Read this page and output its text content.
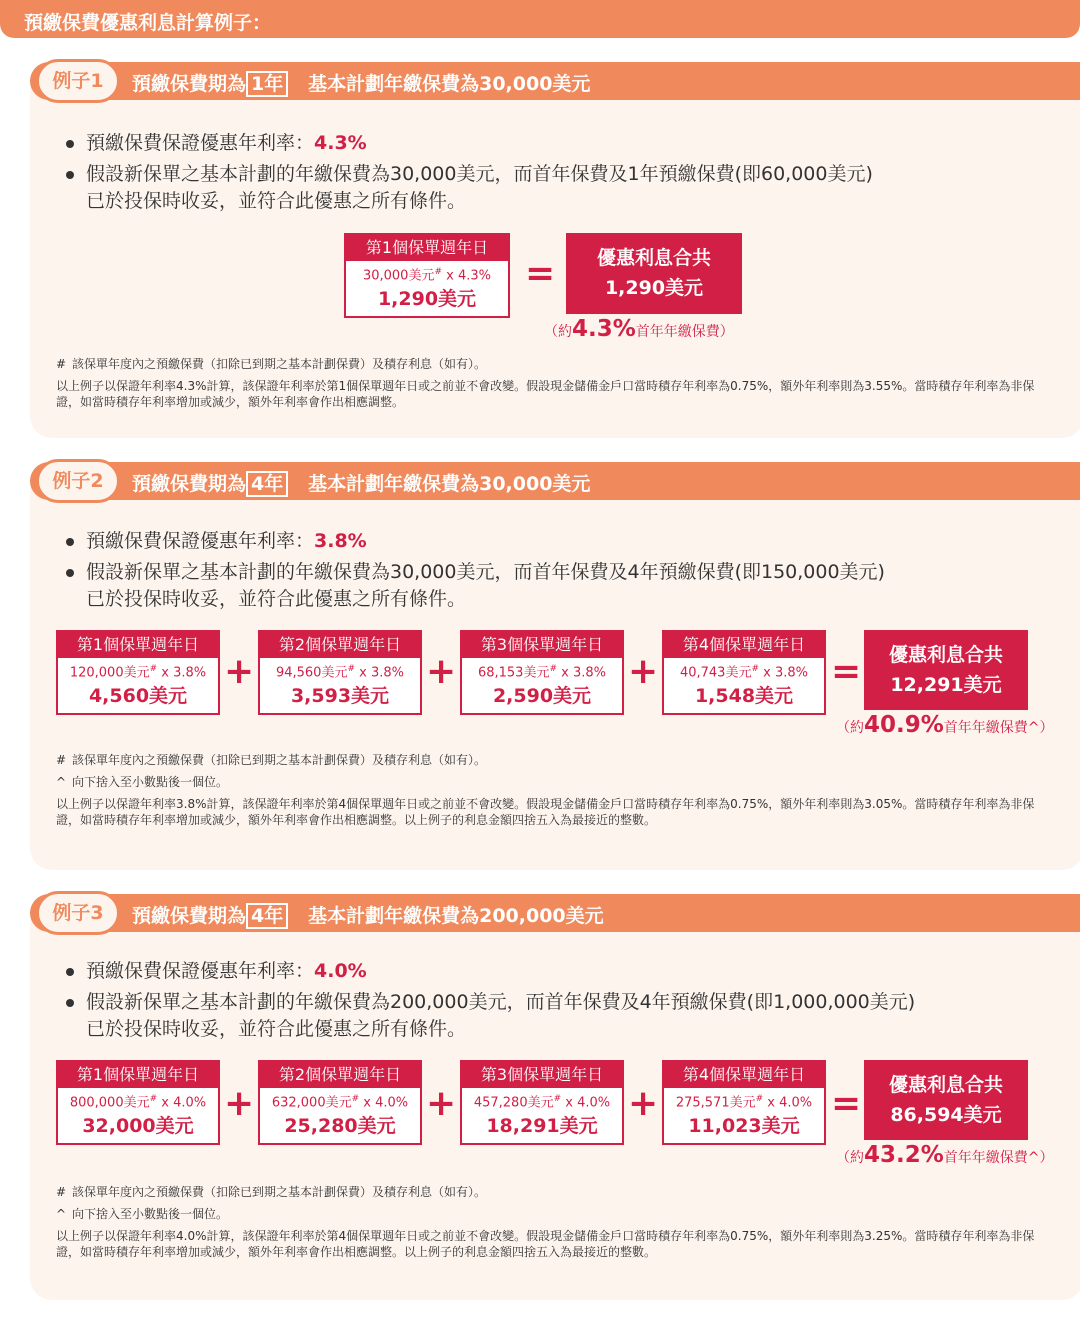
預繳保費優惠利息計算例子：
例子1	預繳保費期為 1年 基本計劃年繳保費為30,000美元
預繳保費保證優惠年利率：4.3%
假設新保單之基本計劃的年繳保費為30,000美元，而首年保費及1年預繳保費(即60,000美元)
已於投保時收妥，並符合此優惠之所有條件。
第1個保單週年日
30,000美元# x 4.3%
1,290美元
=	優惠利息合共
1,290美元
（約4.3%首年年繳保費）
# 該保單年度內之預繳保費（扣除已到期之基本計劃保費）及積存利息（如有）。
以上例子以保證年利率4.3%計算，該保證年利率於第1個保單週年日或之前並不會改變。假設現金儲備金戶口當時積存年利率為0.75%，額外年利率則為3.55%。當時積存年利率為非保證，如當時積存年利率增加或減少，額外年利率會作出相應調整。
例子2	預繳保費期為 4年 基本計劃年繳保費為30,000美元
預繳保費保證優惠年利率：3.8%
假設新保單之基本計劃的年繳保費為30,000美元，而首年保費及4年預繳保費(即150,000美元)
已於投保時收妥，並符合此優惠之所有條件。
第1個保單週年日
120,000美元# x 3.8%
4,560美元
+
第2個保單週年日
94,560美元# x 3.8%
3,593美元
+
第3個保單週年日
68,153美元# x 3.8%
2,590美元
+
第4個保單週年日
40,743美元# x 3.8%
1,548美元
=	優惠利息合共
12,291美元
（約40.9%首年年繳保費^）
# 該保單年度內之預繳保費（扣除已到期之基本計劃保費）及積存利息（如有）。
^ 向下捨入至小數點後一個位。
以上例子以保證年利率3.8%計算，該保證年利率於第4個保單週年日或之前並不會改變。假設現金儲備金戶口當時積存年利率為0.75%，額外年利率則為3.05%。當時積存年利率為非保證，如當時積存年利率增加或減少，額外年利率會作出相應調整。以上例子的利息金額四捨五入為最接近的整數。
例子3	預繳保費期為 4年 基本計劃年繳保費為200,000美元
預繳保費保證優惠年利率：4.0%
假設新保單之基本計劃的年繳保費為200,000美元，而首年保費及4年預繳保費(即1,000,000美元)
已於投保時收妥，並符合此優惠之所有條件。
第1個保單週年日
800,000美元# x 4.0%
32,000美元
+
第2個保單週年日
632,000美元# x 4.0%
25,280美元
+
第3個保單週年日
457,280美元# x 4.0%
18,291美元
+
第4個保單週年日
275,571美元# x 4.0%
11,023美元
=	優惠利息合共
86,594美元
（約43.2%首年年繳保費^）
# 該保單年度內之預繳保費（扣除已到期之基本計劃保費）及積存利息（如有）。
^ 向下捨入至小數點後一個位。
以上例子以保證年利率4.0%計算，該保證年利率於第4個保單週年日或之前並不會改變。假設現金儲備金戶口當時積存年利率為0.75%，額外年利率則為3.25%。當時積存年利率為非保證，如當時積存年利率增加或減少，額外年利率會作出相應調整。以上例子的利息金額四捨五入為最接近的整數。
